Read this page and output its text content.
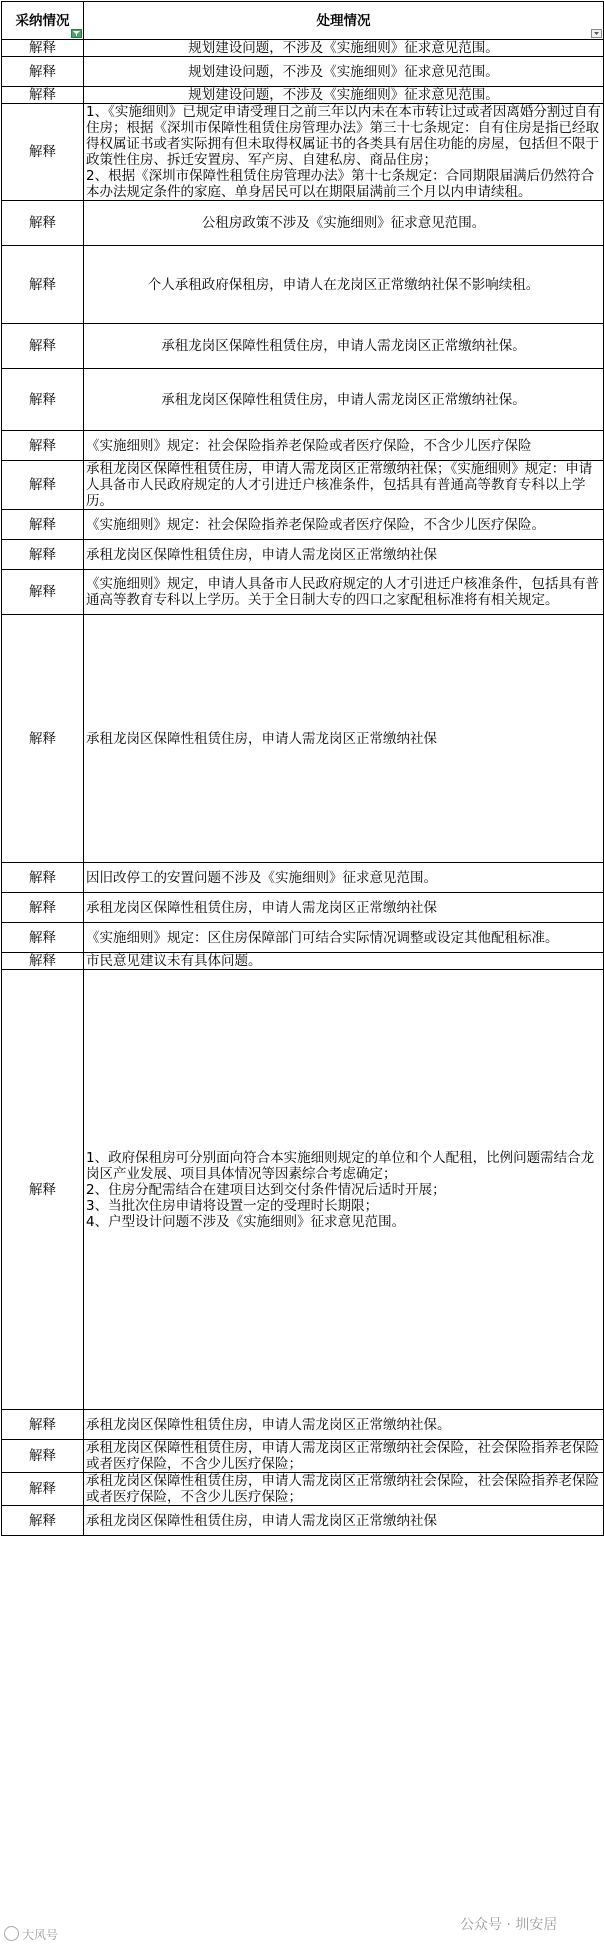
采纳情况	处理情况

解释	规划建设问题，不涉及《实施细则》征求意见范围。
解释	规划建设问题，不涉及《实施细则》征求意见范围。
解释	规划建设问题，不涉及《实施细则》征求意见范围。
解释	1、《实施细则》已规定申请受理日之前三年以内未在本市转让过或者因离婚分割过自有住房；根据《深圳市保障性租赁住房管理办法》第三十七条规定：自有住房是指已经取得权属证书或者实际拥有但未取得权属证书的各类具有居住功能的房屋，包括但不限于政策性住房、拆迁安置房、军产房、自建私房、商品住房；
2、根据《深圳市保障性租赁住房管理办法》第十七条规定：合同期限届满后仍然符合本办法规定条件的家庭、单身居民可以在期限届满前三个月以内申请续租。
解释	公租房政策不涉及《实施细则》征求意见范围。
解释	个人承租政府保租房，申请人在龙岗区正常缴纳社保不影响续租。
解释	承租龙岗区保障性租赁住房，申请人需龙岗区正常缴纳社保。
解释	承租龙岗区保障性租赁住房，申请人需龙岗区正常缴纳社保。
解释	《实施细则》规定：社会保险指养老保险或者医疗保险，不含少儿医疗保险
解释	承租龙岗区保障性租赁住房，申请人需龙岗区正常缴纳社保；《实施细则》规定：申请人具备市人民政府规定的人才引进迁户核准条件，包括具有普通高等教育专科以上学历。
解释	《实施细则》规定：社会保险指养老保险或者医疗保险，不含少儿医疗保险。
解释	承租龙岗区保障性租赁住房，申请人需龙岗区正常缴纳社保
解释	《实施细则》规定，申请人具备市人民政府规定的人才引进迁户核准条件，包括具有普通高等教育专科以上学历。关于全日制大专的四口之家配租标准将有相关规定。
解释	承租龙岗区保障性租赁住房，申请人需龙岗区正常缴纳社保
解释	因旧改停工的安置问题不涉及《实施细则》征求意见范围。
解释	承租龙岗区保障性租赁住房，申请人需龙岗区正常缴纳社保
解释	《实施细则》规定：区住房保障部门可结合实际情况调整或设定其他配租标准。
解释	市民意见建议未有具体问题。
解释	1、政府保租房可分别面向符合本实施细则规定的单位和个人配租，比例问题需结合龙岗区产业发展、项目具体情况等因素综合考虑确定；
2、住房分配需结合在建项目达到交付条件情况后适时开展；
3、当批次住房申请将设置一定的受理时长期限；
4、户型设计问题不涉及《实施细则》征求意见范围。
解释	承租龙岗区保障性租赁住房，申请人需龙岗区正常缴纳社保。
解释	承租龙岗区保障性租赁住房，申请人需龙岗区正常缴纳社会保险，社会保险指养老保险或者医疗保险，不含少儿医疗保险；
解释	承租龙岗区保障性租赁住房，申请人需龙岗区正常缴纳社会保险，社会保险指养老保险或者医疗保险，不含少儿医疗保险；
解释	承租龙岗区保障性租赁住房，申请人需龙岗区正常缴纳社保
大风号
公众号 · 圳安居
